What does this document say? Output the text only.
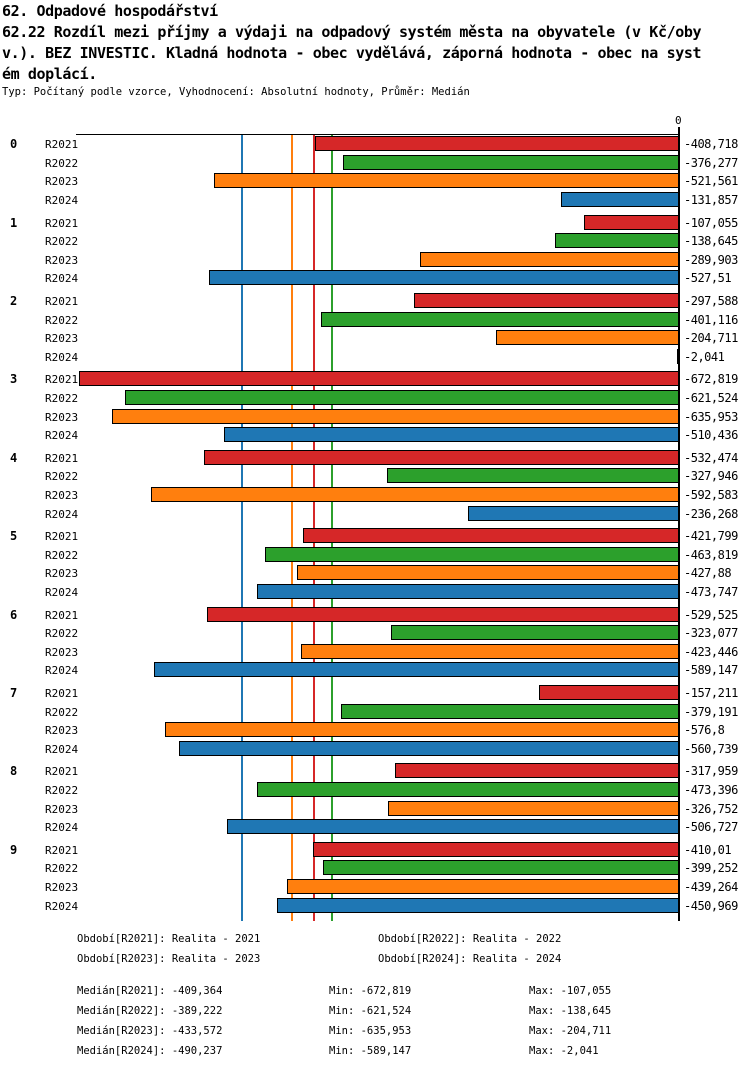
62. Odpadové hospodářství
62.22 Rozdíl mezi příjmy a výdaji na odpadový systém města na obyvatele (v Kč/oby
v.). BEZ INVESTIC. Kladná hodnota - obec vydělává, záporná hodnota - obec na syst
ém doplácí.
Typ: Počítaný podle vzorce, Vyhodnocení: Absolutní hodnoty, Průměr: Medián
0
0	R2021	-408,718
R2022	-376,277
R2023	-521,561
R2024	-131,857
1	R2021	-107,055
R2022	-138,645
R2023	-289,903
R2024	-527,51
2	R2021	-297,588
R2022	-401,116
R2023	-204,711
R2024	-2,041
3	R2021	-672,819
R2022	-621,524
R2023	-635,953
R2024	-510,436
4	R2021	-532,474
R2022	-327,946
R2023	-592,583
R2024	-236,268
5	R2021	-421,799
R2022	-463,819
R2023	-427,88
R2024	-473,747
6	R2021	-529,525
R2022	-323,077
R2023	-423,446
R2024	-589,147
7	R2021	-157,211
R2022	-379,191
R2023	-576,8
R2024	-560,739
8	R2021	-317,959
R2022	-473,396
R2023	-326,752
R2024	-506,727
9	R2021	-410,01
R2022	-399,252
R2023	-439,264
R2024	-450,969
Období[R2021]: Realita - 2021	Období[R2022]: Realita - 2022
Období[R2023]: Realita - 2023	Období[R2024]: Realita - 2024
Medián[R2021]: -409,364	Min: -672,819	Max: -107,055
Medián[R2022]: -389,222	Min: -621,524	Max: -138,645
Medián[R2023]: -433,572	Min: -635,953	Max: -204,711
Medián[R2024]: -490,237	Min: -589,147	Max: -2,041
